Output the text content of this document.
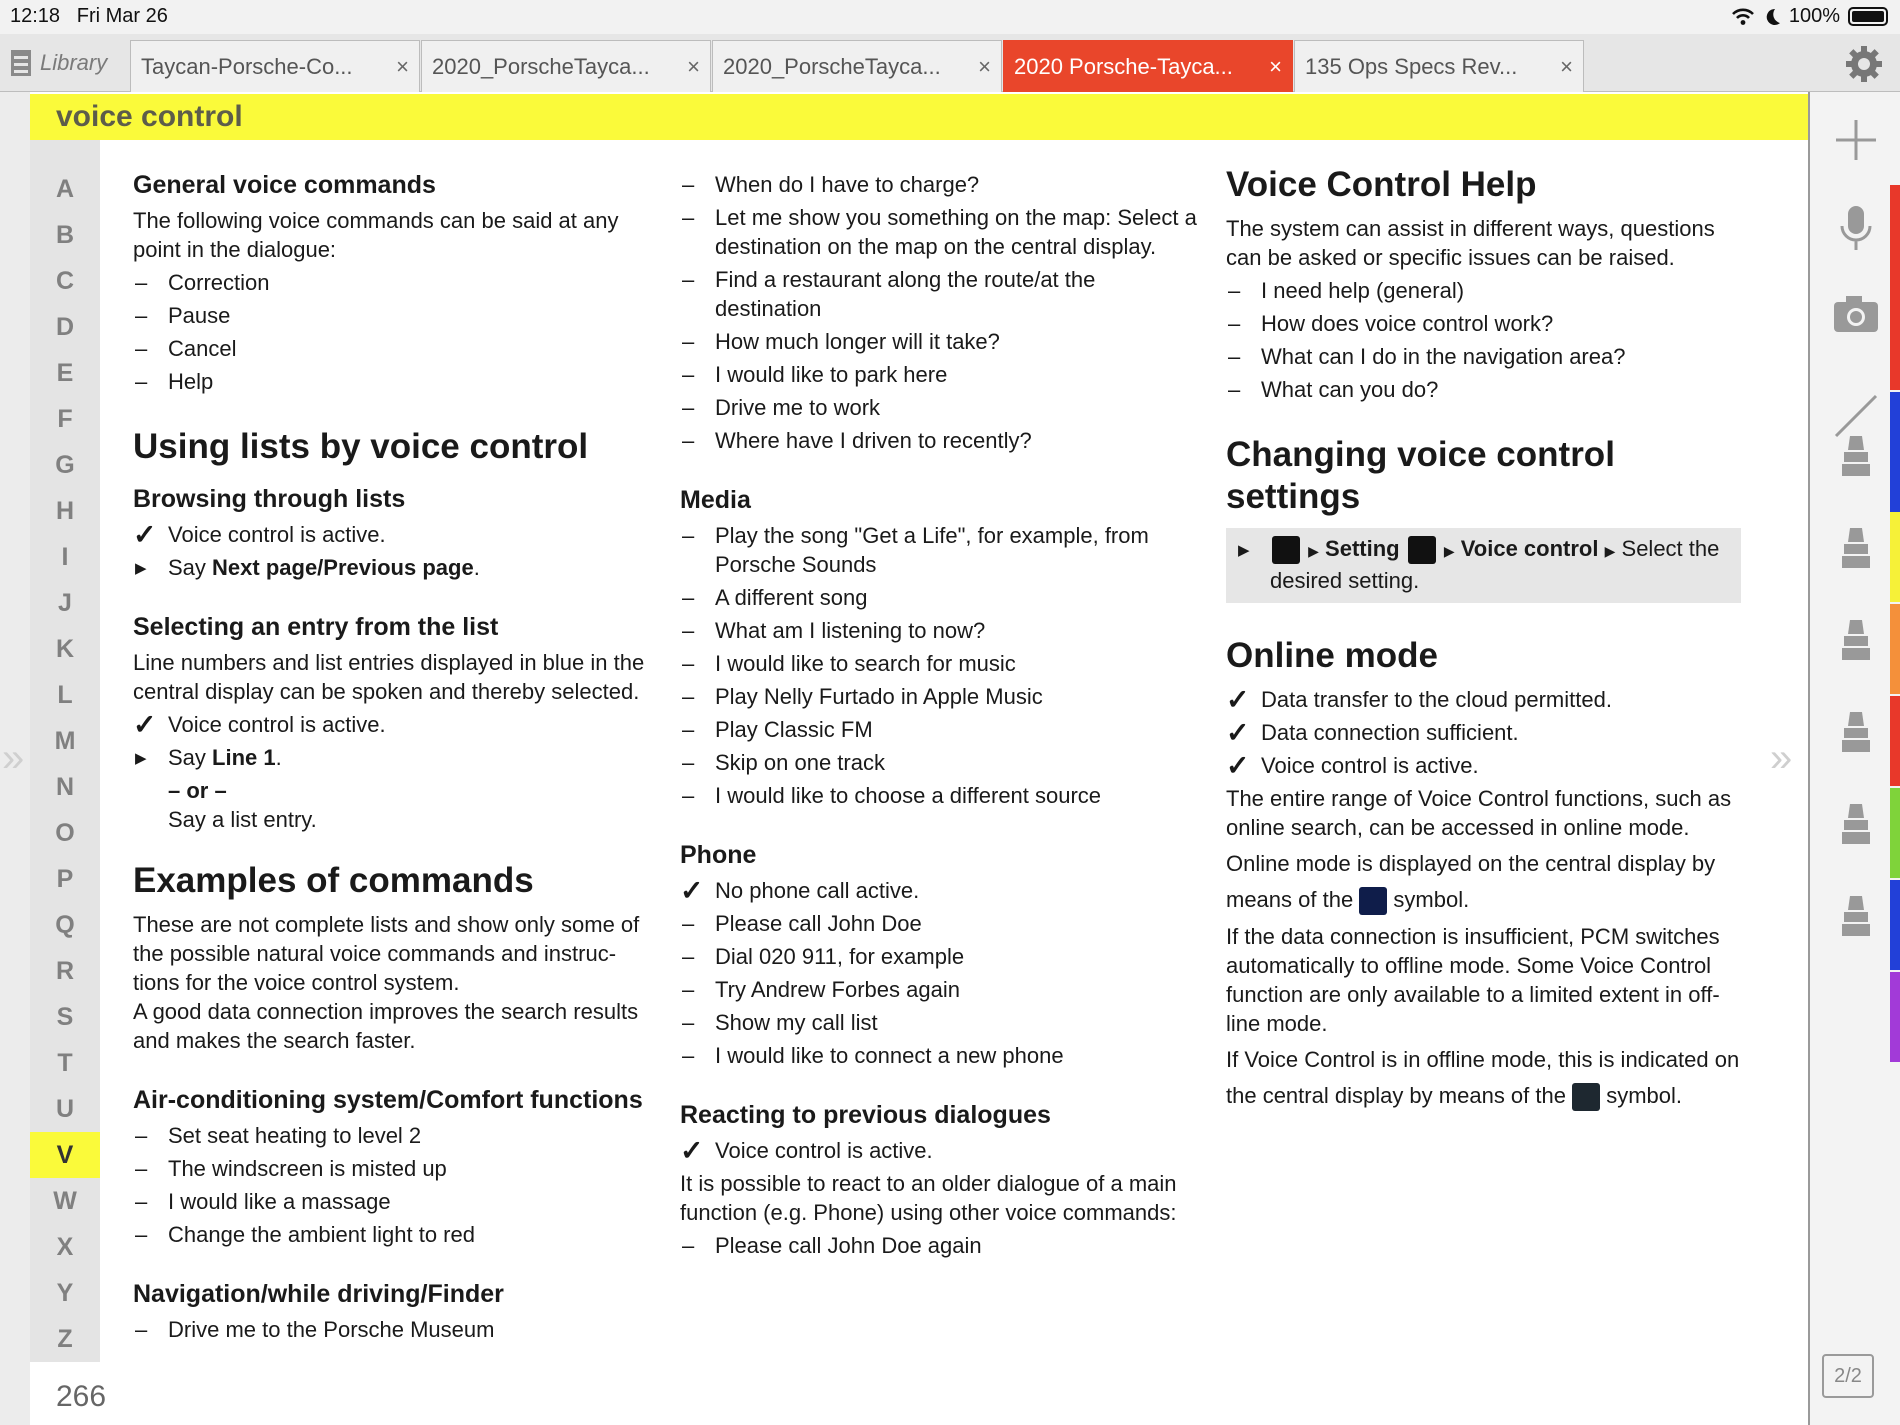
12:18 Fri Mar 26	100%
Library Taycan-Porsche-Co...	× 2020_PorscheTayca...	× 2020_PorscheTayca...	× 2020 Porsche-Tayca...	× 135 Ops Specs Rev...	×
voice control
A
B
C
D
E
F
G
H
I
J
K
L
M
N
O
P
Q
R
S
T
U
V
W
X
Y
Z
266
»	»
General voice commands

The following voice commands can be said at any point in the dialogue:

– Correction
– Pause
– Cancel
– Help
Using lists by voice control
Browsing through lists
✓ Voice control is active.
▶ Say Next page/Previous page.
Selecting an entry from the list

Line numbers and list entries displayed in blue in the central display can be spoken and thereby selected.

✓ Voice control is active.
▶ Say Line 1.
– or –
Say a list entry.
Examples of commands

These are not complete lists and show only some of the possible natural voice commands and instruc-tions for the voice control system.

A good data connection improves the search results and makes the search faster.

Air-conditioning system/Comfort functions
– Set seat heating to level 2
– The windscreen is misted up
– I would like a massage
– Change the ambient light to red
Navigation/while driving/Finder
– Drive me to the Porsche Museum
– When do I have to charge?
– Let me show you something on the map: Select a destination on the map on the central display.
– Find a restaurant along the route/at the destination
– How much longer will it take?
– I would like to park here
– Drive me to work
– Where have I driven to recently?
Media
– Play the song "Get a Life", for example, from Porsche Sounds
– A different song
– What am I listening to now?
– I would like to search for music
– Play Nelly Furtado in Apple Music
– Play Classic FM
– Skip on one track
– I would like to choose a different source
Phone
✓ No phone call active.
– Please call John Doe
– Dial 020 911, for example
– Try Andrew Forbes again
– Show my call list
– I would like to connect a new phone
Reacting to previous dialogues
✓ Voice control is active.

It is possible to react to an older dialogue of a main function (e.g. Phone) using other voice commands:

– Please call John Doe again
Voice Control Help

The system can assist in different ways, questions can be asked or specific issues can be raised.

– I need help (general)
– How does voice control work?
– What can I do in the navigation area?
– What can you do?
Changing voice control settings
▶	▶ Setting	▶ Voice control ▶ Select the desired setting.
Online mode
✓ Data transfer to the cloud permitted.
✓ Data connection sufficient.
✓ Voice control is active.

The entire range of Voice Control functions, such as online search, can be accessed in online mode.

Online mode is displayed on the central display by means of the  symbol.

If the data connection is insufficient, PCM switches automatically to offline mode. Some Voice Control function are only available to a limited extent in off-line mode.

If Voice Control is in offline mode, this is indicated on the central display by means of the  symbol.

2/2
